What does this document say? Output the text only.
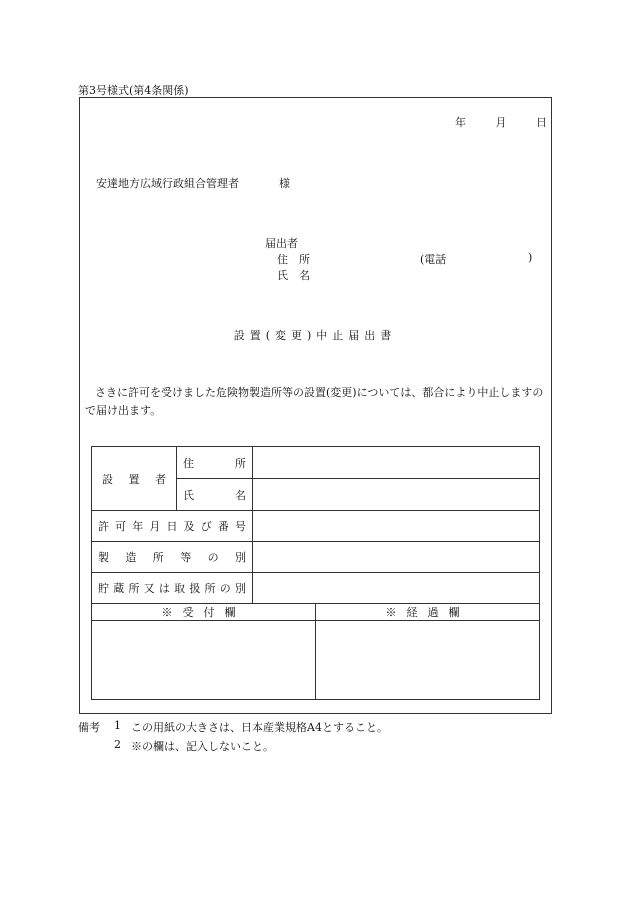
第3号様式(第4条関係)
年	月	日
安達地方広域行政組合管理者	様
届出者
住　所	(電話	)
氏　名
設置(変更)中止届出書
さきに許可を受けました危険物製造所等の設置(変更)については、都合により中止しますので届け出ます。
設置者	住所		

	氏名		

許可年月日及び番号			

製造所等の別			

貯蔵所又は取扱所の別			

※受付欄			※経過欄

備考 1 この用紙の大きさは、日本産業規格A4とすること。
2 ※の欄は、記入しないこと。
